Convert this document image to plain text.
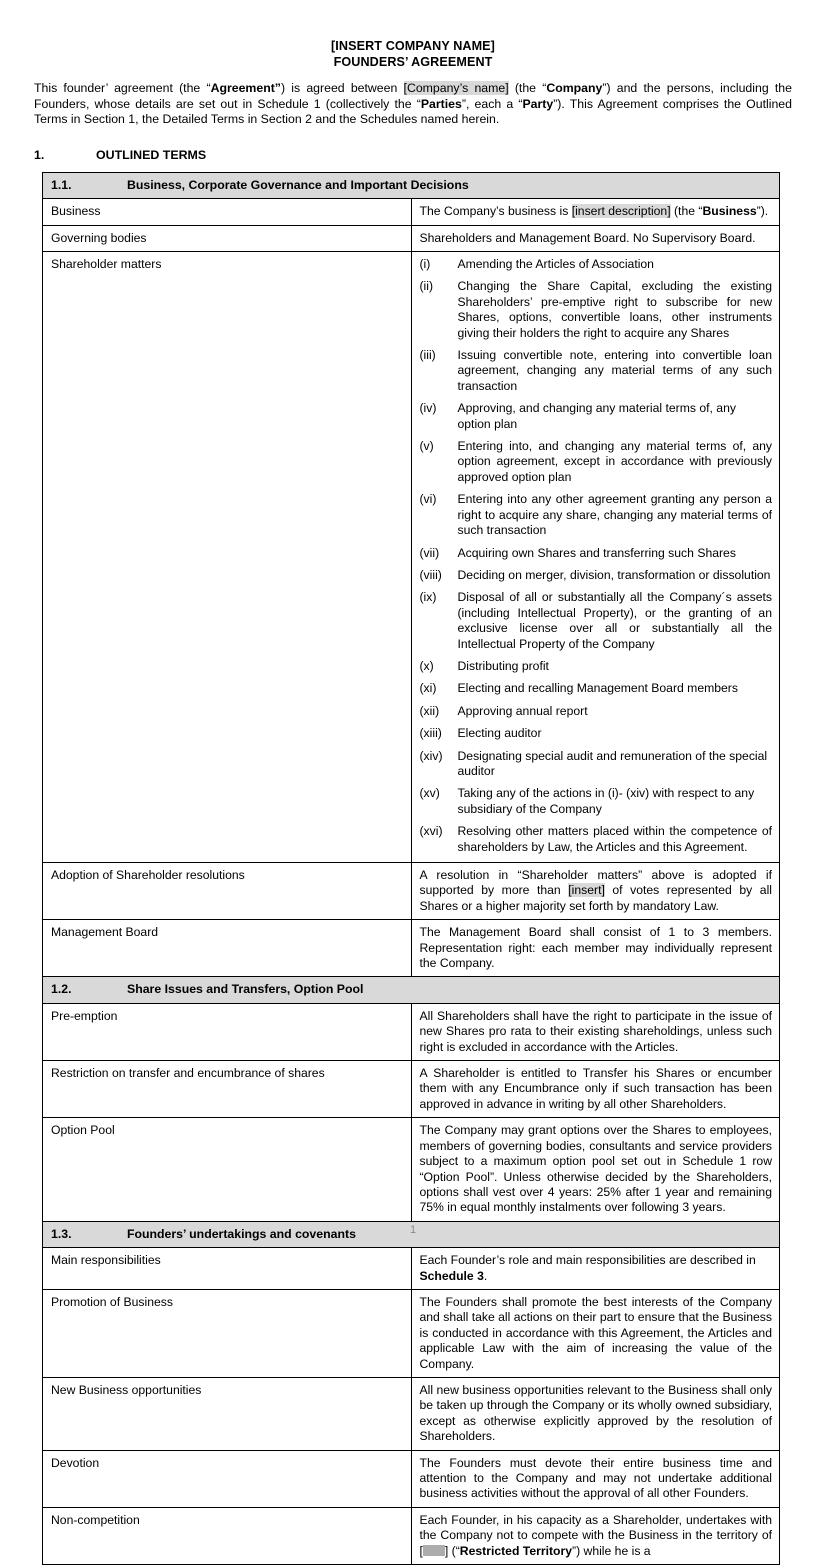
[INSERT COMPANY NAME]
FOUNDERS’ AGREEMENT
This founder’ agreement (the “Agreement”) is agreed between [Company’s name] (the “Company”) and the persons, including the Founders, whose details are set out in Schedule 1 (collectively the “Parties”, each a “Party”). This Agreement comprises the Outlined Terms in Section 1, the Detailed Terms in Section 2 and the Schedules named herein.
1.	OUTLINED TERMS
1.1. Business, Corporate Governance and Important Decisions	

Business	The Company’s business is [insert description] (the “Business”).
Governing bodies	Shareholders and Management Board. No Supervisory Board.
Shareholder matters	(i)	Amending the Articles of Association
(ii)	Changing the Share Capital, excluding the existing Shareholders’ pre-emptive right to subscribe for new Shares, options, convertible loans, other instruments giving their holders the right to acquire any Shares
(iii)	Issuing convertible note, entering into convertible loan agreement, changing any material terms of any such transaction
(iv)	Approving, and changing any material terms of, any option plan
(v)	Entering into, and changing any material terms of, any option agreement, except in accordance with previously approved option plan
(vi)	Entering into any other agreement granting any person a right to acquire any share, changing any material terms of such transaction
(vii)	Acquiring own Shares and transferring such Shares
(viii)	Deciding on merger, division, transformation or dissolution
(ix)	Disposal of all or substantially all the Company´s assets (including Intellectual Property), or the granting of an exclusive license over all or substantially all the Intellectual Property of the Company
(x)	Distributing profit
(xi)	Electing and recalling Management Board members
(xii)	Approving annual report
(xiii)	Electing auditor
(xiv)	Designating special audit and remuneration of the special auditor
(xv)	Taking any of the actions in (i)- (xiv) with respect to any subsidiary of the Company
(xvi)	Resolving other matters placed within the competence of shareholders by Law, the Articles and this Agreement.

Adoption of Shareholder resolutions	A resolution in “Shareholder matters” above is adopted if supported by more than [insert] of votes represented by all Shares or a higher majority set forth by mandatory Law.
Management Board	The Management Board shall consist of 1 to 3 members. Representation right: each member may individually represent the Company.

1.2. Share Issues and Transfers, Option Pool	

Pre-emption	All Shareholders shall have the right to participate in the issue of new Shares pro rata to their existing shareholdings, unless such right is excluded in accordance with the Articles.
Restriction on transfer and encumbrance of shares	A Shareholder is entitled to Transfer his Shares or encumber them with any Encumbrance only if such transaction has been approved in advance in writing by all other Shareholders.
Option Pool	The Company may grant options over the Shares to employees, members of governing bodies, consultants and service providers subject to a maximum option pool set out in Schedule 1 row “Option Pool”. Unless otherwise decided by the Shareholders, options shall vest over 4 years: 25% after 1 year and remaining 75% in equal monthly instalments over following 3 years.

1.3. Founders’ undertakings and covenants	

Main responsibilities	Each Founder’s role and main responsibilities are described in Schedule 3.
Promotion of Business	The Founders shall promote the best interests of the Company and shall take all actions on their part to ensure that the Business is conducted in accordance with this Agreement, the Articles and applicable Law with the aim of increasing the value of the Company.
New Business opportunities	All new business opportunities relevant to the Business shall only be taken up through the Company or its wholly owned subsidiary, except as otherwise explicitly approved by the resolution of Shareholders.
Devotion	The Founders must devote their entire business time and attention to the Company and may not undertake additional business activities without the approval of all other Founders.
Non-competition	Each Founder, in his capacity as a Shareholder, undertakes with the Company not to compete with the Business in the territory of [ ] (“Restricted Territory”) while he is a
1
